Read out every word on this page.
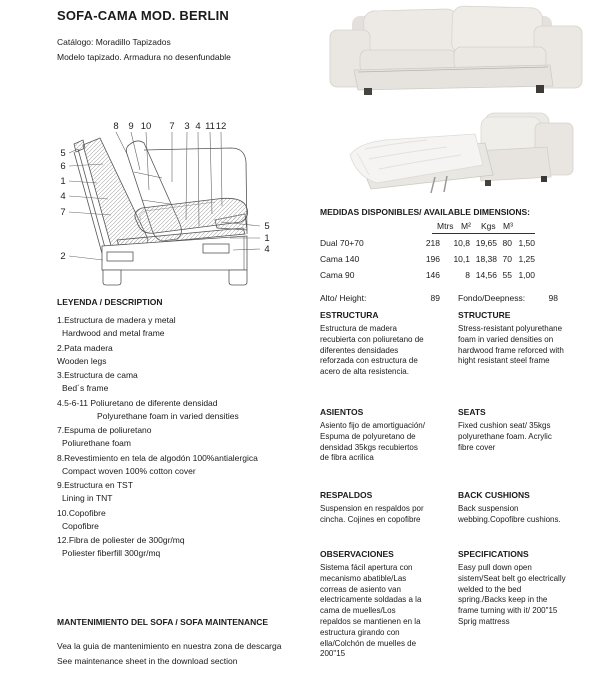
SOFA-CAMA MOD. BERLIN
Catálogo: Moradillo Tapizados
Modelo tapizado. Armadura no desenfundable
8 9 10 7 3 4 11 12
5
6
1
4
7
2
5
1
4
MEDIDAS DISPONIBLES/ AVAILABLE DIMENSIONS:
Mtrs M² Kgs M³
Dual 70+70	218	10,8 19,65 80 1,50
Cama 140	196	10,1 18,38 70 1,25
Cama 90	146	8 14,56 55 1,00
Alto/ Height:	89 Fondo/Deepness:	98
LEYENDA / DESCRIPTION
1.Estructura de madera y metal
Hardwood and metal frame
2.Pata madera
Wooden legs
3.Estructura de cama
Bed´s frame
4.5-6-11 Poliuretano de diferente densidad
Polyurethane foam in varied densities
7.Espuma de poliuretano
Poliurethane foam
8.Revestimiento en tela de algodón 100%antialergica
Compact woven 100% cotton cover
9.Estructura en TST
Lining in TNT
10.Copofibre
Copofibre
12.Fibra de poliester de 300gr/mq
Poliester fiberfill 300gr/mq
ESTRUCTURA

Estructura de madera recubierta con poliuretano de diferentes densidades reforzada con estructura de acero de alta resistencia.

STRUCTURE

Stress-resistant polyurethane foam in varied densities on hardwood frame reforced with hight resistant steel frame

ASIENTOS

Asiento fijo de amortiguación/ Espuma de polyuretano de densidad 35kgs recubiertos de fibra acrilica

SEATS

Fixed cushion seat/ 35kgs polyurethane foam. Acrylic fibre cover

RESPALDOS

Suspension en respaldos por cincha. Cojines en copofibre

BACK CUSHIONS

Back suspension webbing.Copofibre cushions.

OBSERVACIONES

Sistema fácil apertura con mecanismo abatible/Las correas de asiento van electricamente soldadas a la cama de muelles/Los repaldos se mantienen en la estructura girando con ella/Colchón de muelles de 200"15

SPECIFICATIONS

Easy pull down open sistem/Seat belt go electrically welded to the bed spring./Backs keep in the frame turning with it/ 200"15 Sprig mattress

MANTENIMIENTO DEL SOFA / SOFA MAINTENANCE
Vea la guia de mantenimiento en nuestra zona de descarga
See maintenance sheet in the download section
